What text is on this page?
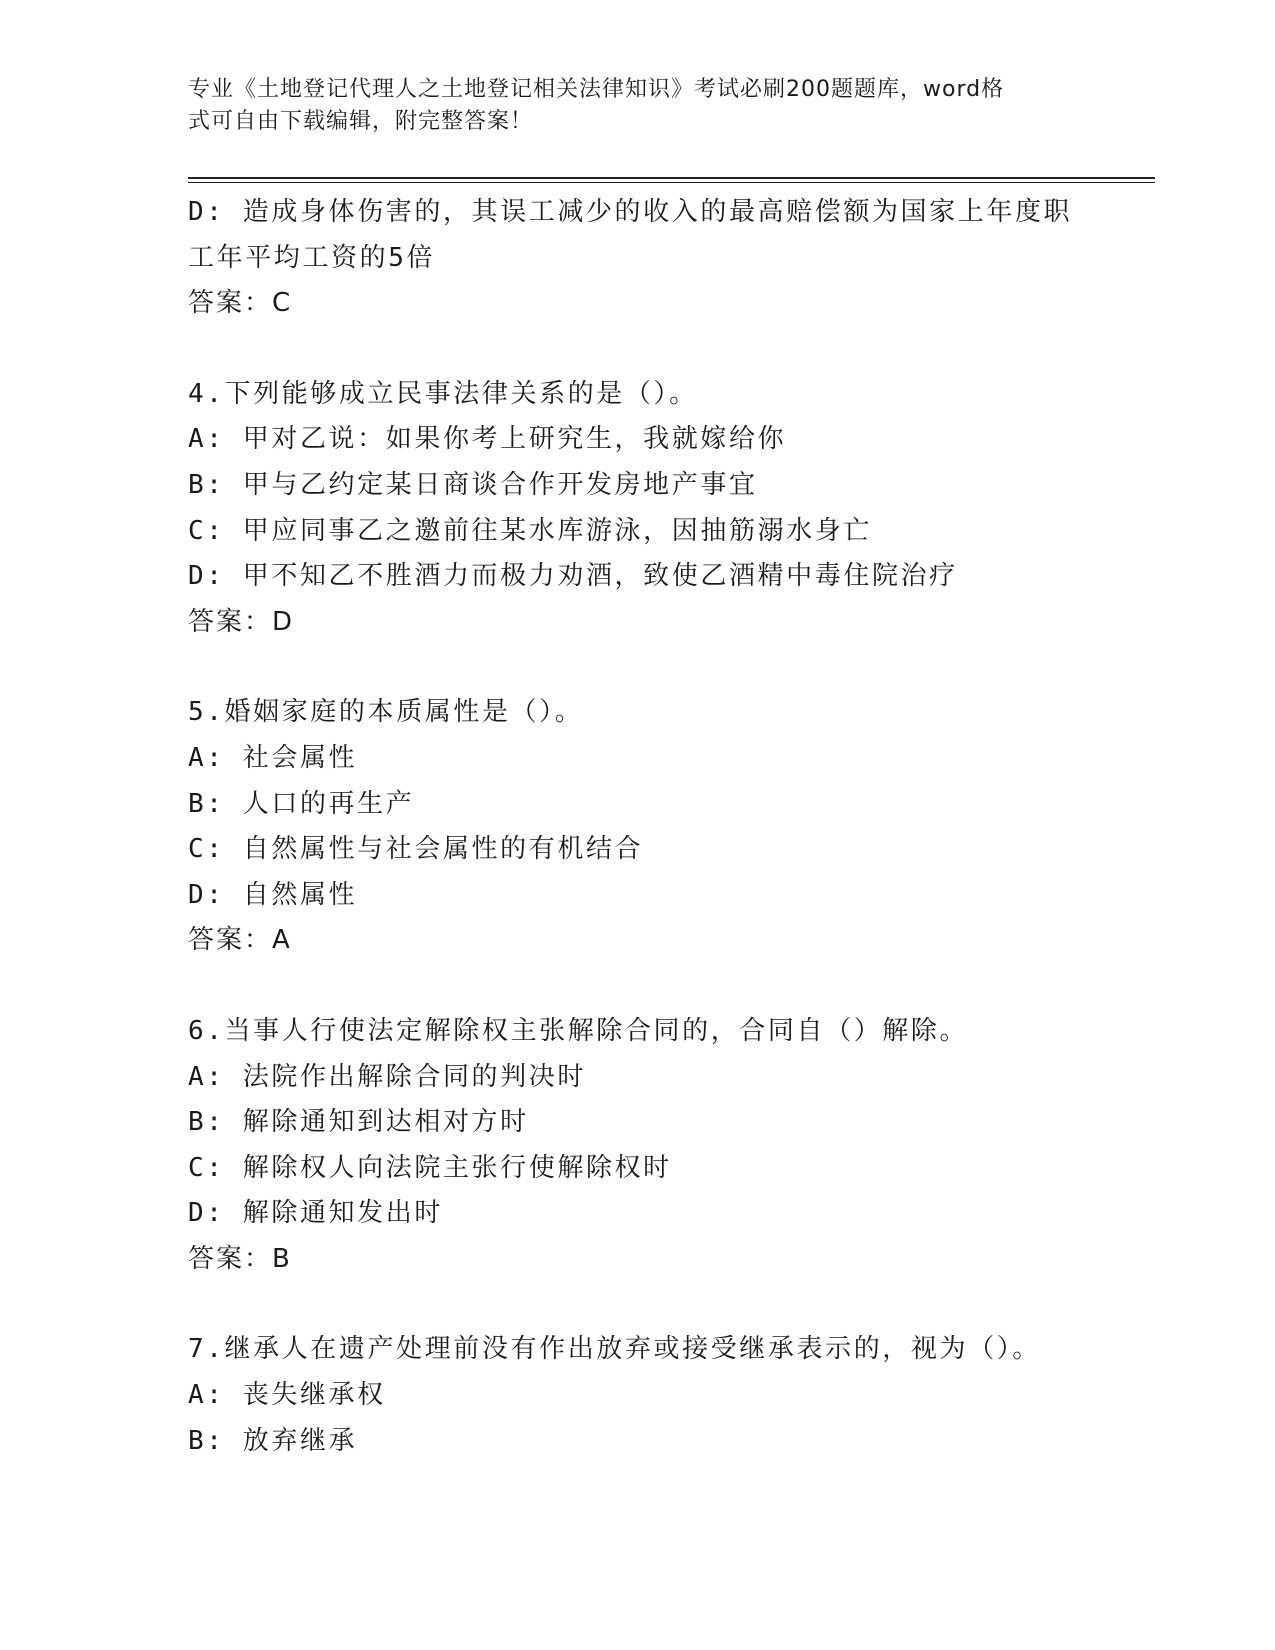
专业《土地登记代理人之土地登记相关法律知识》考试必刷200题题库，word格
式可自由下载编辑，附完整答案！
D: 造成身体伤害的，其误工减少的收入的最高赔偿额为国家上年度职
工年平均工资的5倍
答案：C
4.下列能够成立民事法律关系的是（）。
A: 甲对乙说：如果你考上研究生，我就嫁给你
B: 甲与乙约定某日商谈合作开发房地产事宜
C: 甲应同事乙之邀前往某水库游泳，因抽筋溺水身亡
D: 甲不知乙不胜酒力而极力劝酒，致使乙酒精中毒住院治疗
答案：D
5.婚姻家庭的本质属性是（）。
A: 社会属性
B: 人口的再生产
C: 自然属性与社会属性的有机结合
D: 自然属性
答案：A
6.当事人行使法定解除权主张解除合同的，合同自（）解除。
A: 法院作出解除合同的判决时
B: 解除通知到达相对方时
C: 解除权人向法院主张行使解除权时
D: 解除通知发出时
答案：B
7.继承人在遗产处理前没有作出放弃或接受继承表示的，视为（）。
A: 丧失继承权
B: 放弃继承
